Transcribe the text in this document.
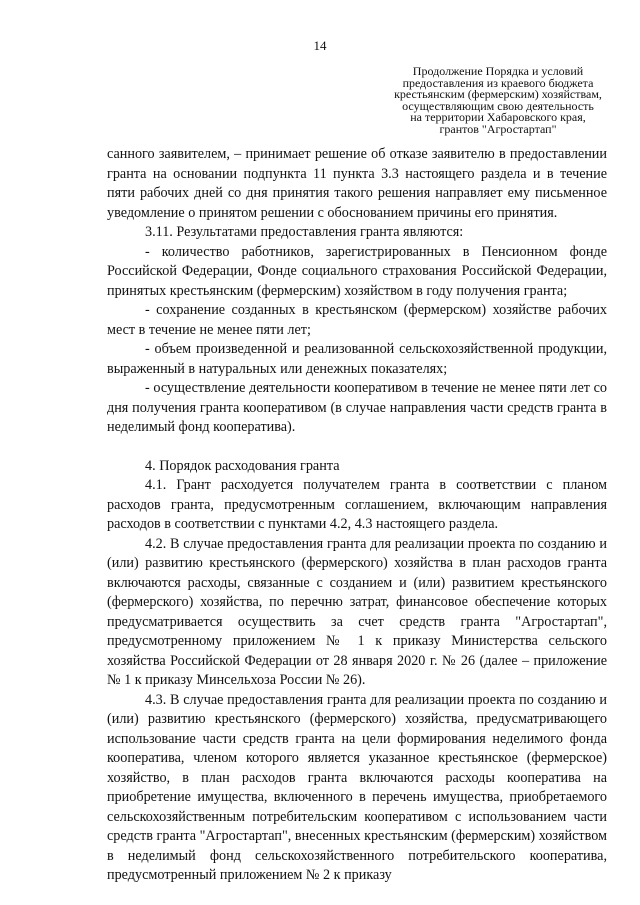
14
Продолжение Порядка и условий
предоставления из краевого бюджета
крестьянским (фермерским) хозяйствам,
осуществляющим свою деятельность
на территории Хабаровского края,
грантов "Агростартап"

санного заявителем, – принимает решение об отказе заявителю в предоставлении гранта на основании подпункта 11 пункта 3.3 настоящего раздела и в течение пяти рабочих дней со дня принятия такого решения направляет ему письменное уведомление о принятом решении с обоснованием причины его принятия.

3.11. Результатами предоставления гранта являются:

- количество работников, зарегистрированных в Пенсионном фонде Российской Федерации, Фонде социального страхования Российской Федерации, принятых крестьянским (фермерским) хозяйством в году получения гранта;

- сохранение созданных в крестьянском (фермерском) хозяйстве рабочих мест в течение не менее пяти лет;

- объем произведенной и реализованной сельскохозяйственной продукции, выраженный в натуральных или денежных показателях;

- осуществление деятельности кооперативом в течение не менее пяти лет со дня получения гранта кооперативом (в случае направления части средств гранта в неделимый фонд кооператива).

4. Порядок расходования гранта

4.1. Грант расходуется получателем гранта в соответствии с планом расходов гранта, предусмотренным соглашением, включающим направления расходов в соответствии с пунктами 4.2, 4.3 настоящего раздела.

4.2. В случае предоставления гранта для реализации проекта по созданию и (или) развитию крестьянского (фермерского) хозяйства в план расходов гранта включаются расходы, связанные с созданием и (или) развитием крестьянского (фермерского) хозяйства, по перечню затрат, финансовое обеспечение которых предусматривается осуществить за счет средств гранта "Агростартап", предусмотренному приложением № 1 к приказу Министерства сельского хозяйства Российской Федерации от 28 января 2020 г. № 26 (далее – приложение № 1 к приказу Минсельхоза России № 26).

4.3. В случае предоставления гранта для реализации проекта по созданию и (или) развитию крестьянского (фермерского) хозяйства, предусматривающего использование части средств гранта на цели формирования неделимого фонда кооператива, членом которого является указанное крестьянское (фермерское) хозяйство, в план расходов гранта включаются расходы кооператива на приобретение имущества, включенного в перечень имущества, приобретаемого сельскохозяйственным потребительским кооперативом с использованием части средств гранта "Агростартап", внесенных крестьянским (фермерским) хозяйством в неделимый фонд сельскохозяйственного потребительского кооператива, предусмотренный приложением № 2 к приказу
